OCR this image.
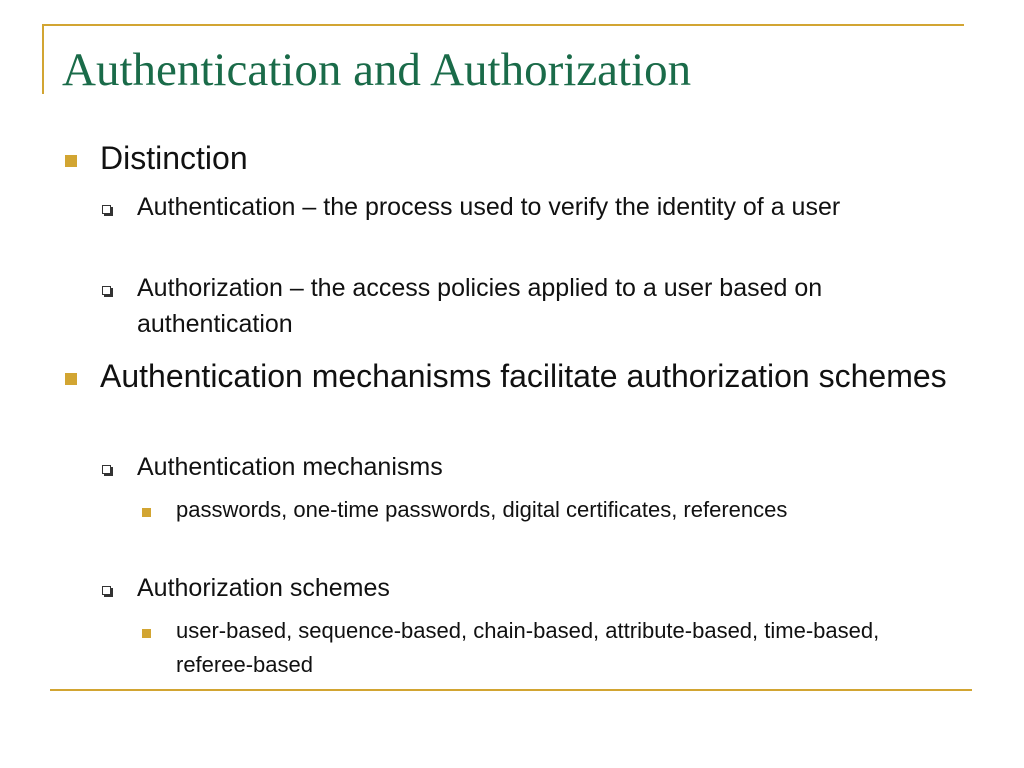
Authentication and Authorization

Distinction

Authentication – the process used to verify the identity of a user

Authorization – the access policies applied to a user based on authentication

Authentication mechanisms facilitate authorization schemes

Authentication mechanisms

passwords, one-time passwords, digital certificates, references

Authorization schemes

user-based, sequence-based, chain-based, attribute-based, time-based, referee-based
